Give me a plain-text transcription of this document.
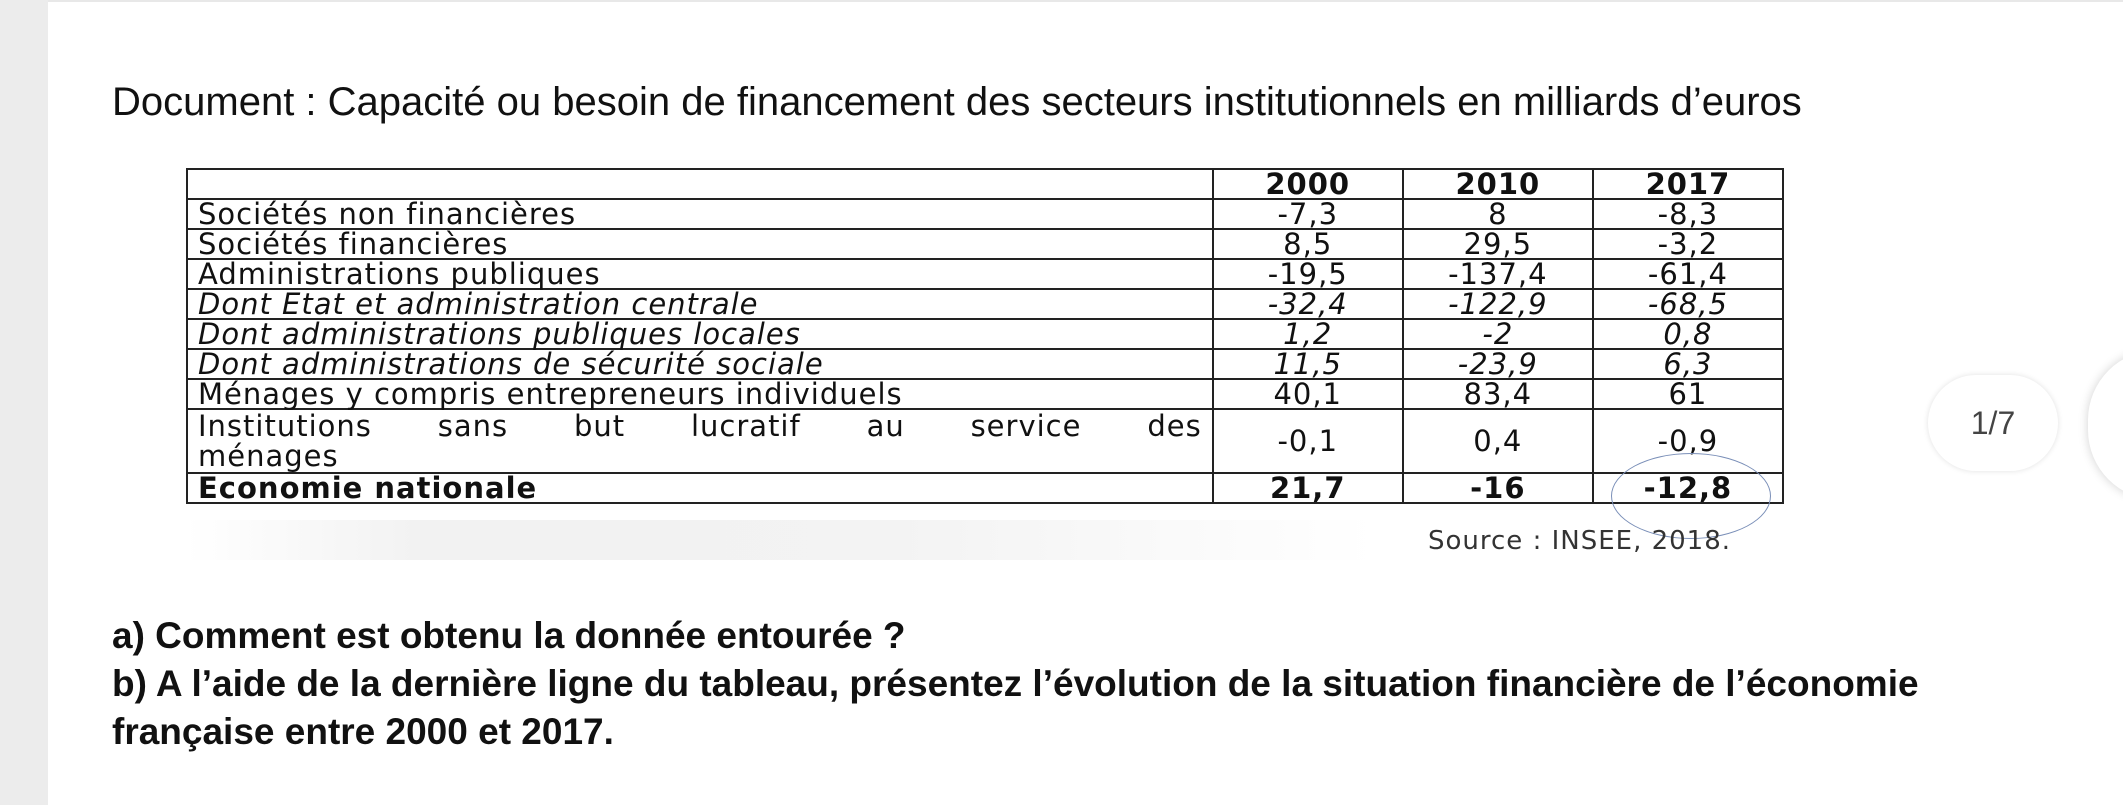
Document : Capacité ou besoin de financement des secteurs institutionnels en milliards d’euros
	2000	2010	2017
Sociétés non financières	-7,3	8	-8,3
Sociétés financières	8,5	29,5	-3,2
Administrations publiques	-19,5	-137,4	-61,4
Dont Etat et administration centrale	-32,4	-122,9	-68,5
Dont administrations publiques locales	1,2	-2	0,8
Dont administrations de sécurité sociale	11,5	-23,9	6,3
Ménages y compris entrepreneurs individuels	40,1	83,4	61

Institutions sans but lucratif au service des
ménages	-0,1	0,4	-0,9
Economie nationale	21,7	-16	-12,8
Source : INSEE, 2018.

a) Comment est obtenu la donnée entourée ?

b) A l’aide de la dernière ligne du tableau, présentez l’évolution de la situation financière de l’économie française entre 2000 et 2017.

1/7
